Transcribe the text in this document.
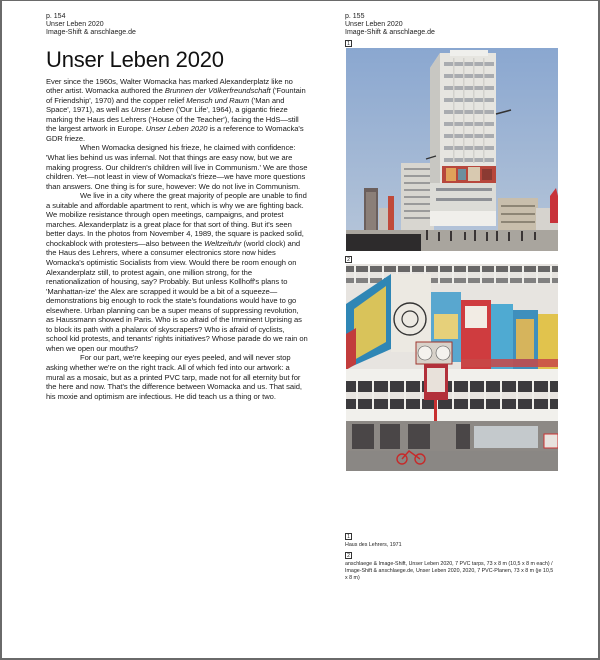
p. 154
Unser Leben 2020
Image-Shift & anschlaege.de
Unser Leben 2020

Ever since the 1960s, Walter Womacka has marked Alexanderplatz like no other artist. Womacka authored the Brunnen der Völkerfreundschaft ('Fountain of Friendship', 1970) and the copper relief Mensch und Raum ('Man and Space', 1971), as well as Unser Leben ('Our Life', 1964), a gigantic frieze marking the Haus des Lehrers ('House of the Teacher'), facing the HdS—still the largest artwork in Europe. Unser Leben 2020 is a reference to Womacka's GDR frieze.

When Womacka designed his frieze, he claimed with confidence: 'What lies behind us was infernal. Not that things are easy now, but we are making progress. Our children's children will live in Communism.' We are those children. Yet—not least in view of Womacka's frieze—we have more questions than answers. One thing is for sure, however: We do not live in Communism.

We live in a city where the great majority of people are unable to find a suitable and affordable apartment to rent, which is why we are fighting back. We mobilize resistance through open meetings, campaigns, and protest marches. Alexanderplatz is a great place for that sort of thing. But it's seen better days. In the photos from November 4, 1989, the square is packed solid, chockablock with protesters—also between the Weltzeituhr (world clock) and the Haus des Lehrers, where a consumer electronics store now hides Womacka's optimistic Socialists from view. Would there be room enough on Alexanderplatz still, to protest again, one million strong, for the renationalization of housing, say? Probably. But unless Kollhoff's plans to 'Manhattan-ize' the Alex are scrapped it would be a bit of a squeeze—demonstrations big enough to rock the state's foundations would have to go elsewhere. Urban planning can be a super means of suppressing revolution, as Haussmann showed in Paris. Who is so afraid of the Imminent Uprising as to block its path with a phalanx of skyscrapers? Who is afraid of cyclists, school kid protests, and tenants' rights initiatives? Whose parade do we rain on when we open our mouths?

For our part, we're keeping our eyes peeled, and will never stop asking whether we're on the right track. All of which fed into our artwork: a mural as a mosaic, but as a printed PVC tarp, made not for all eternity but for the here and now. That's the difference between Womacka and us. That said, his moxie and optimism are infectious. He did teach us a thing or two.

p. 155
Unser Leben 2020
Image-Shift & anschlaege.de
1
2
1
Haus des Lehrers, 1971
2
anschlaege & Image-Shift, Unser Leben 2020, 7 PVC tarps, 73 x 8 m (10,5 x 8 m each) / Image-Shift & anschlaege.de, Unser Leben 2020, 2020, 7 PVC-Planen, 73 x 8 m (je 10,5 x 8 m)
